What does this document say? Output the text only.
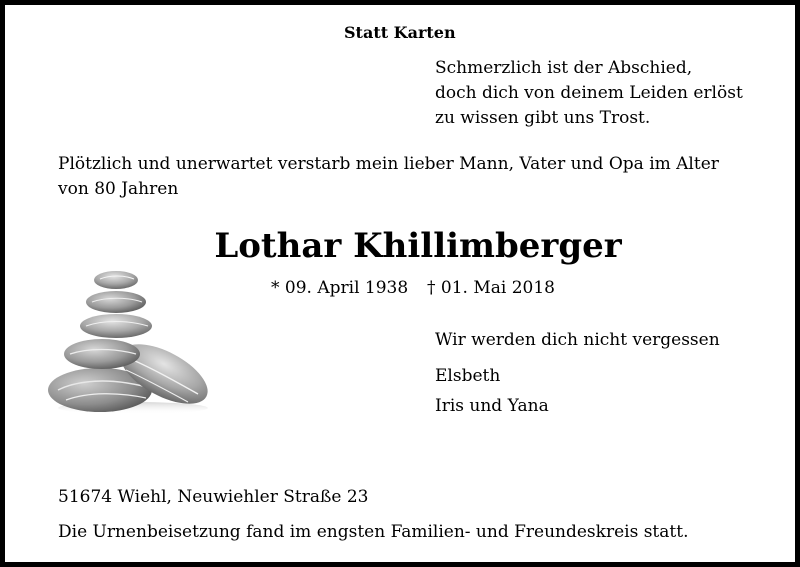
Statt Karten
Schmerzlich ist der Abschied,
doch dich von deinem Leiden erlöst
zu wissen gibt uns Trost.
Plötzlich und unerwartet verstarb mein lieber Mann, Vater und Opa im Alter
von 80 Jahren
Lothar Khillimberger
* 09. April 1938 † 01. Mai 2018
Wir werden dich nicht vergessen
Elsbeth
Iris und Yana
51674 Wiehl, Neuwiehler Straße 23
Die Urnenbeisetzung fand im engsten Familien- und Freundeskreis statt.
